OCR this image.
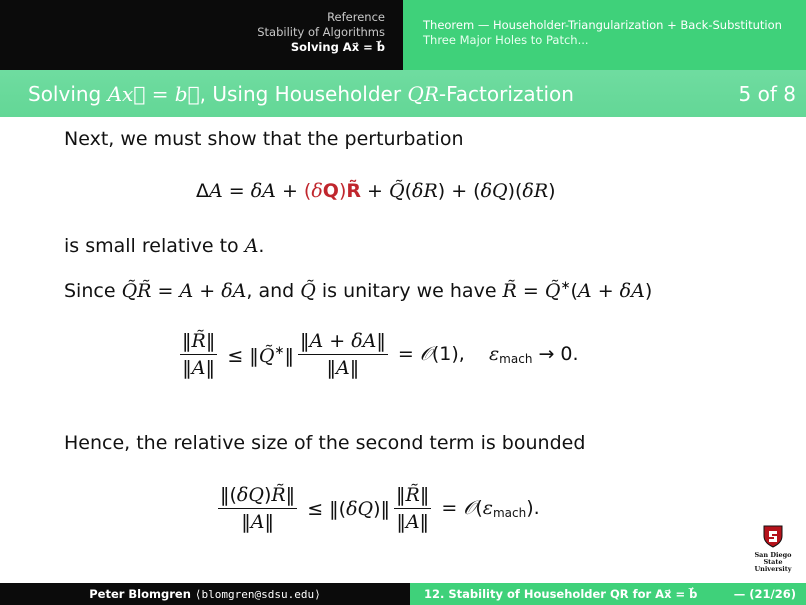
Reference
Stability of Algorithms
Solving Ax⃗ = b⃗
Theorem — Householder-Triangularization + Back-Substitution
Three Major Holes to Patch...
Solving Ax⃗ = b⃗, Using Householder QR-Factorization	5 of 8
Next, we must show that the perturbation
ΔA = δA + (δQ)R̃ + Q̃(δR) + (δQ)(δR)
is small relative to A.
Since Q̃R̃ = A + δA, and Q̃ is unitary we have R̃ = Q̃∗(A + δA)
$\frac{‖R̃‖}{‖A‖}$ ≤ ‖Q̃∗‖ $\frac{‖A + \delta A‖}{‖A‖}$ = 𝒪(1),    $\varepsilon_{mach} \to 0$.
Hence, the relative size of the second term is bounded
$\frac{‖(\delta Q)R̃‖}{‖A‖}$ ≤ ‖(δQ)‖ $\frac{‖R̃‖}{‖A‖}$ = $𝒪(\varepsilon_{mach})$.
San Diego State
University
Peter Blomgren
⟨blomgren@sdsu.edu⟩	12. Stability of Householder QR for Ax⃗ = b⃗	— (21/26)
